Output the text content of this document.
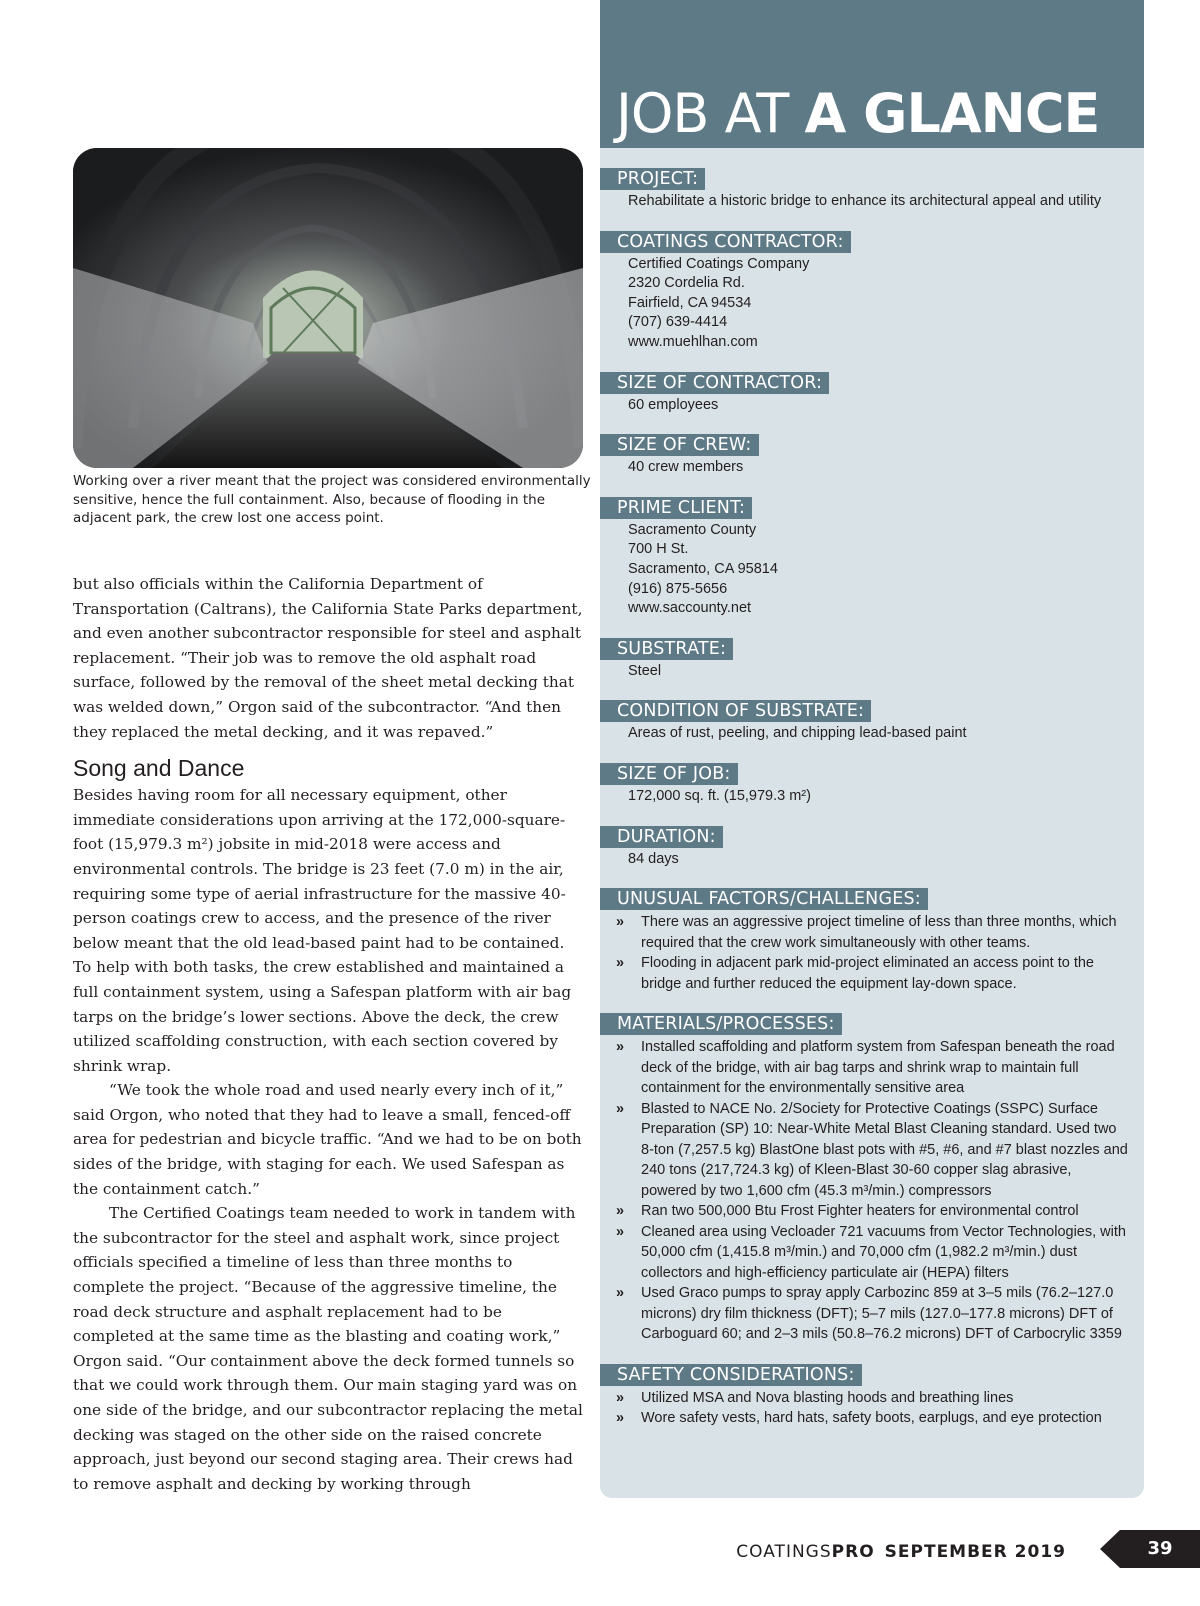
Working over a river meant that the project was considered environmentally sensitive, hence the full containment. Also, because of flooding in the adjacent park, the crew lost one access point.

but also officials within the California Department of Transportation (Caltrans), the California State Parks department, and even another subcontractor responsible for steel and asphalt replacement. “Their job was to remove the old asphalt road surface, followed by the removal of the sheet metal decking that was welded down,” Orgon said of the subcontractor. “And then they replaced the metal decking, and it was repaved.”

Song and Dance

Besides having room for all necessary equipment, other immediate considerations upon arriving at the 172,000-square-foot (15,979.3 m²) jobsite in mid-2018 were access and environmental controls. The bridge is 23 feet (7.0 m) in the air, requiring some type of aerial infrastructure for the massive 40-person coatings crew to access, and the presence of the river below meant that the old lead-based paint had to be contained. To help with both tasks, the crew established and maintained a full containment system, using a Safespan platform with air bag tarps on the bridge’s lower sections. Above the deck, the crew utilized scaffolding construction, with each section covered by shrink wrap.

“We took the whole road and used nearly every inch of it,” said Orgon, who noted that they had to leave a small, fenced-off area for pedestrian and bicycle traffic. “And we had to be on both sides of the bridge, with staging for each. We used Safespan as the containment catch.”

The Certified Coatings team needed to work in tandem with the subcontractor for the steel and asphalt work, since project officials specified a timeline of less than three months to complete the project. “Because of the aggressive timeline, the road deck structure and asphalt replacement had to be completed at the same time as the blasting and coating work,” Orgon said. “Our containment above the deck formed tunnels so that we could work through them. Our main staging yard was on one side of the bridge, and our subcontractor replacing the metal decking was staged on the other side on the raised concrete approach, just beyond our second staging area. Their crews had to remove asphalt and decking by working through

JOB AT A GLANCE
PROJECT:
Rehabilitate a historic bridge to enhance its architectural appeal and utility
COATINGS CONTRACTOR:
Certified Coatings Company
2320 Cordelia Rd.
Fairfield, CA 94534
(707) 639-4414
www.muehlhan.com
SIZE OF CONTRACTOR:
60 employees
SIZE OF CREW:
40 crew members
PRIME CLIENT:
Sacramento County
700 H St.
Sacramento, CA 95814
(916) 875-5656
www.saccounty.net
SUBSTRATE:
Steel
CONDITION OF SUBSTRATE:
Areas of rust, peeling, and chipping lead-based paint
SIZE OF JOB:
172,000 sq. ft. (15,979.3 m²)
DURATION:
84 days
UNUSUAL FACTORS/CHALLENGES:
» There was an aggressive project timeline of less than three months, which required that the crew work simultaneously with other teams.
» Flooding in adjacent park mid-project eliminated an access point to the bridge and further reduced the equipment lay-down space.
MATERIALS/PROCESSES:
» Installed scaffolding and platform system from Safespan beneath the road deck of the bridge, with air bag tarps and shrink wrap to maintain full containment for the environmentally sensitive area
» Blasted to NACE No. 2/Society for Protective Coatings (SSPC) Surface Preparation (SP) 10: Near-White Metal Blast Cleaning standard. Used two 8-ton (7,257.5 kg) BlastOne blast pots with #5, #6, and #7 blast nozzles and 240 tons (217,724.3 kg) of Kleen-Blast 30-60 copper slag abrasive, powered by two 1,600 cfm (45.3 m³/min.) compressors
» Ran two 500,000 Btu Frost Fighter heaters for environmental control
» Cleaned area using Vecloader 721 vacuums from Vector Technologies, with 50,000 cfm (1,415.8 m³/min.) and 70,000 cfm (1,982.2 m³/min.) dust collectors and high-efficiency particulate air (HEPA) filters
» Used Graco pumps to spray apply Carbozinc 859 at 3–5 mils (76.2–127.0 microns) dry film thickness (DFT); 5–7 mils (127.0–177.8 microns) DFT of Carboguard 60; and 2–3 mils (50.8–76.2 microns) DFT of Carbocrylic 3359
SAFETY CONSIDERATIONS:
» Utilized MSA and Nova blasting hoods and breathing lines
» Wore safety vests, hard hats, safety boots, earplugs, and eye protection
COATINGSPRO SEPTEMBER 2019	39
